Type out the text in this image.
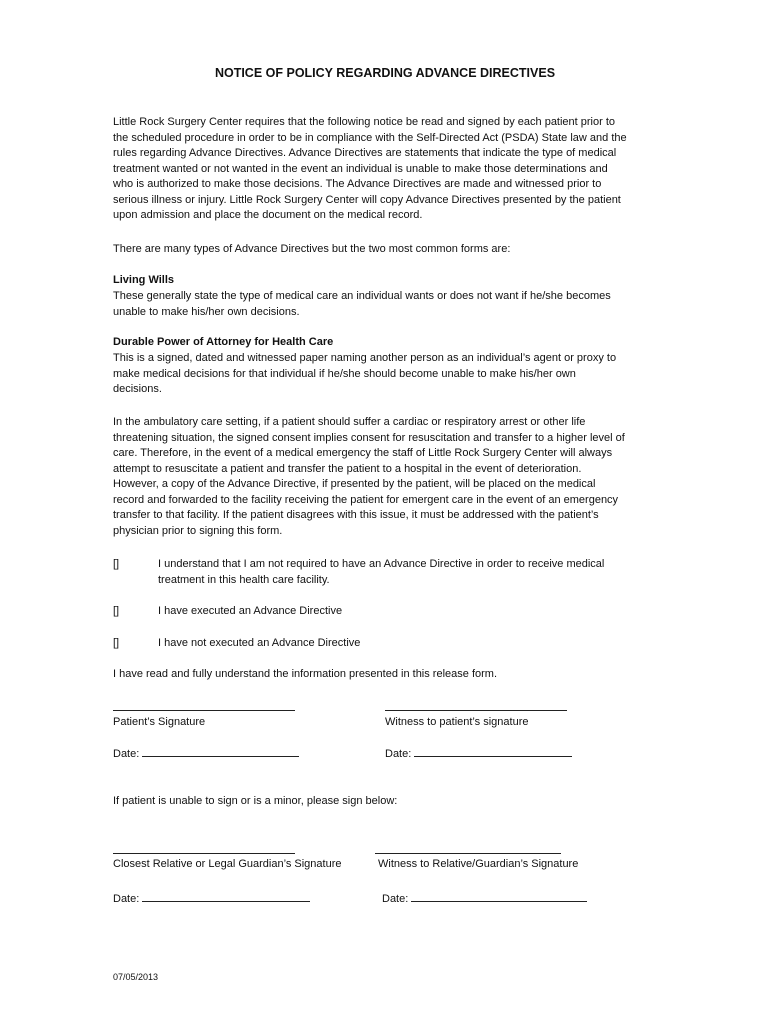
NOTICE OF POLICY REGARDING ADVANCE DIRECTIVES
Little Rock Surgery Center requires that the following notice be read and signed by each patient prior to
the scheduled procedure in order to be in compliance with the Self-Directed Act (PSDA) State law and the
rules regarding Advance Directives. Advance Directives are statements that indicate the type of medical
treatment wanted or not wanted in the event an individual is unable to make those determinations and
who is authorized to make those decisions. The Advance Directives are made and witnessed prior to
serious illness or injury. Little Rock Surgery Center will copy Advance Directives presented by the patient
upon admission and place the document on the medical record.
There are many types of Advance Directives but the two most common forms are:
Living Wills
These generally state the type of medical care an individual wants or does not want if he/she becomes
unable to make his/her own decisions.
Durable Power of Attorney for Health Care
This is a signed, dated and witnessed paper naming another person as an individual’s agent or proxy to
make medical decisions for that individual if he/she should become unable to make his/her own
decisions.
In the ambulatory care setting, if a patient should suffer a cardiac or respiratory arrest or other life
threatening situation, the signed consent implies consent for resuscitation and transfer to a higher level of
care. Therefore, in the event of a medical emergency the staff of Little Rock Surgery Center will always
attempt to resuscitate a patient and transfer the patient to a hospital in the event of deterioration.
However, a copy of the Advance Directive, if presented by the patient, will be placed on the medical
record and forwarded to the facility receiving the patient for emergent care in the event of an emergency
transfer to that facility. If the patient disagrees with this issue, it must be addressed with the patient’s
physician prior to signing this form.
[]	I understand that I am not required to have an Advance Directive in order to receive medical
treatment in this health care facility.
[]	I have executed an Advance Directive
[]	I have not executed an Advance Directive
I have read and fully understand the information presented in this release form.
Patient’s Signature	Witness to patient’s signature
Date:	Date:
If patient is unable to sign or is a minor, please sign below:
Closest Relative or Legal Guardian’s Signature	Witness to Relative/Guardian’s Signature
Date:	Date:
07/05/2013
